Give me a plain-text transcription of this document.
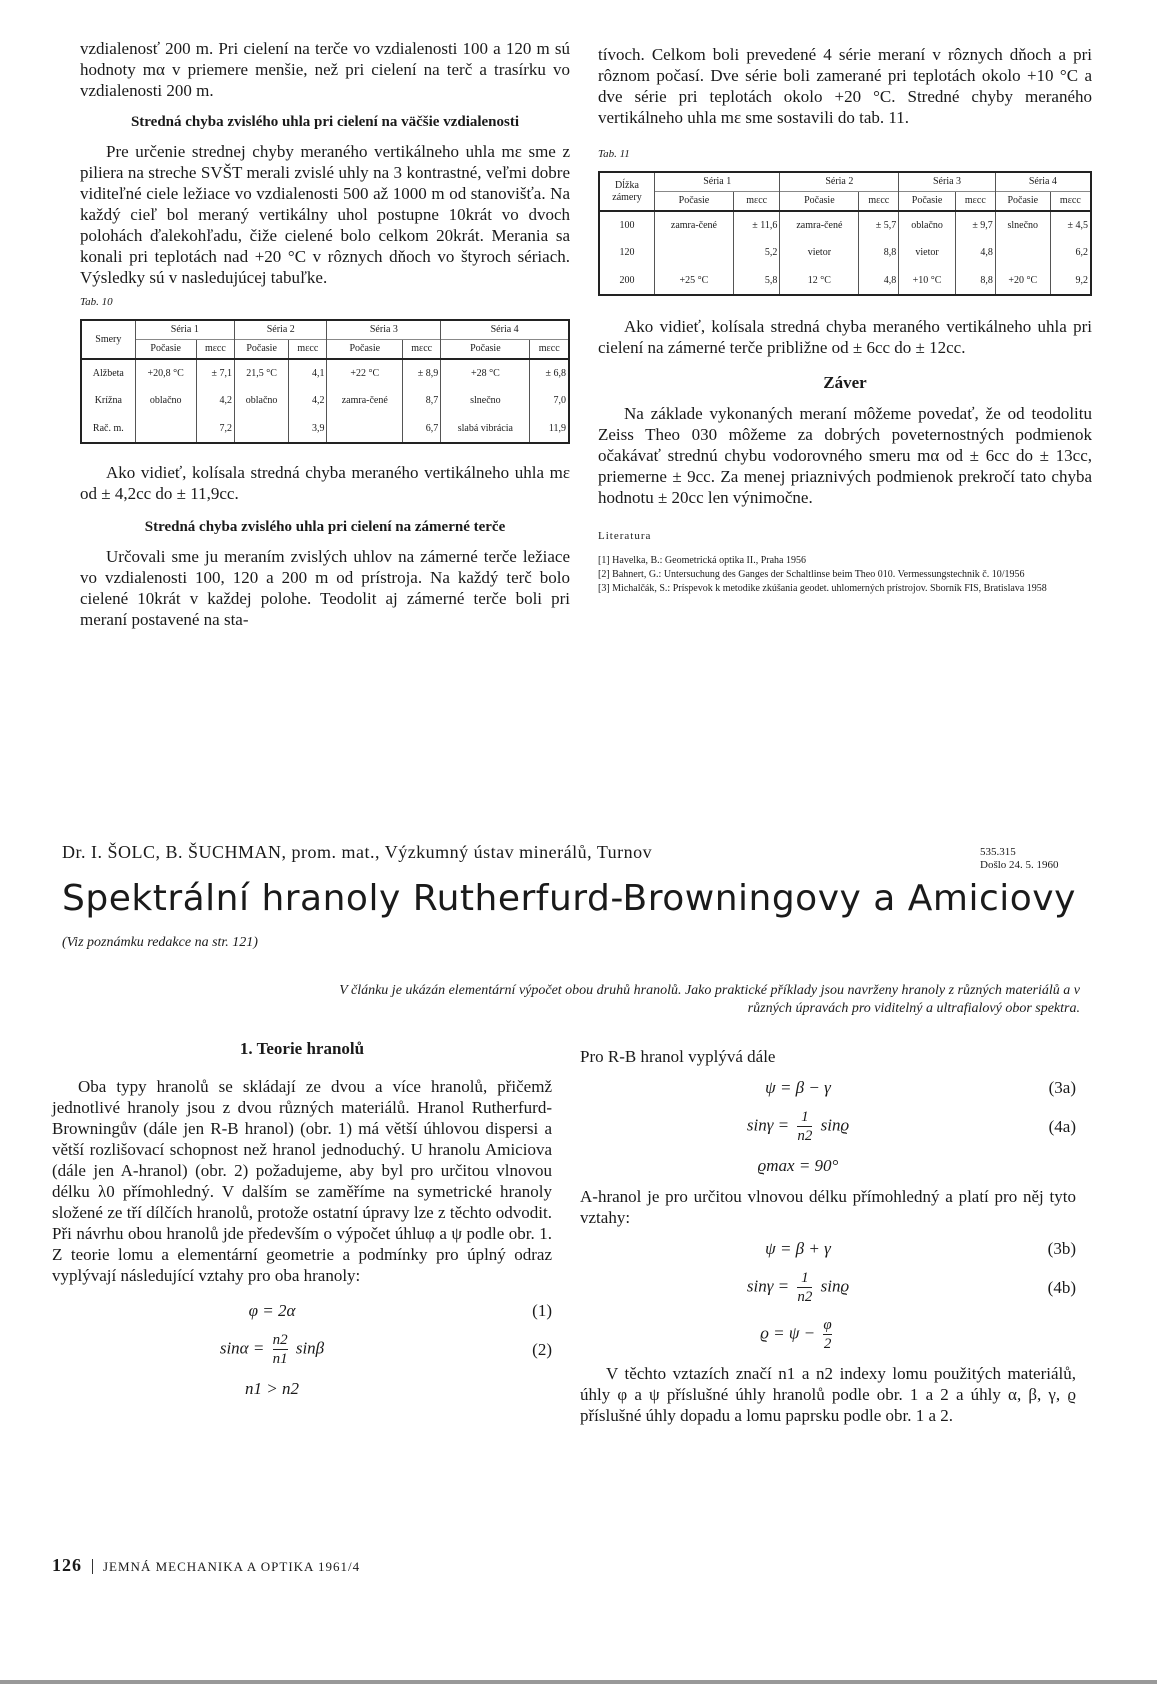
vzdialenosť 200 m. Pri cielení na terče vo vzdialenosti 100 a 120 m sú hodnoty mα v priemere menšie, než pri cielení na terč a trasírku vo vzdialenosti 200 m.

Stredná chyba zvislého uhla pri cielení na väčšie vzdialenosti

Pre určenie strednej chyby meraného vertikálneho uhla mε sme z piliera na streche SVŠT merali zvislé uhly na 3 kontrastné, veľmi dobre viditeľné ciele ležiace vo vzdialenosti 500 až 1000 m od stanovišťa. Na každý cieľ bol meraný vertikálny uhol postupne 10krát vo dvoch polohách ďalekohľadu, čiže cielené bolo celkom 20krát. Merania sa konali pri teplotách nad +20 °C v rôznych dňoch vo štyroch sériach. Výsledky sú v nasledujúcej tabuľke.

Tab. 10
Smery	Séria 1		Séria 2		Séria 3		Séria 4	
	Počasie	mεcc	Počasie	mεcc	Počasie	mεcc	Počasie	mεcc
Alžbeta	+20,8 °C	± 7,1	21,5 °C	4,1	+22 °C	± 8,9	+28 °C	± 6,8
Krížna	oblačno	4,2	oblačno	4,2	zamra-čené	8,7	slnečno	7,0
Rač. m.		7,2		3,9		6,7	slabá vibrácia	11,9

Ako vidieť, kolísala stredná chyba meraného vertikálneho uhla mε od ± 4,2cc do ± 11,9cc.

Stredná chyba zvislého uhla pri cielení na zámerné terče

Určovali sme ju meraním zvislých uhlov na zámerné terče ležiace vo vzdialenosti 100, 120 a 200 m od prístroja. Na každý terč bolo cielené 10krát v každej polohe. Teodolit aj zámerné terče boli pri meraní postavené na sta-

tívoch. Celkom boli prevedené 4 série meraní v rôznych dňoch a pri rôznom počasí. Dve série boli zamerané pri teplotách okolo +10 °C a dve série pri teplotách okolo +20 °C. Stredné chyby meraného vertikálneho uhla mε sme sostavili do tab. 11.

Tab. 11
Dĺžka zámery	Séria 1		Séria 2		Séria 3		Séria 4	
	Počasie	mεcc	Počasie	mεcc	Počasie	mεcc	Počasie	mεcc
100	zamra-čené	± 11,6	zamra-čené	± 5,7	oblačno	± 9,7	slnečno	± 4,5
120		5,2	vietor	8,8	vietor	4,8		6,2
200	+25 °C	5,8	12 °C	4,8	+10 °C	8,8	+20 °C	9,2

Ako vidieť, kolísala stredná chyba meraného vertikálneho uhla pri cielení na zámerné terče približne od ± 6cc do ± 12cc.

Záver

Na základe vykonaných meraní môžeme povedať, že od teodolitu Zeiss Theo 030 môžeme za dobrých poveternostných podmienok očakávať strednú chybu vodorovného smeru mα od ± 6cc do ± 13cc, priemerne ± 9cc. Za menej priaznivých podmienok prekročí tato chyba hodnotu ± 20cc len výnimočne.

Literatura
[1] Havelka, B.: Geometrická optika II., Praha 1956
[2] Bahnert, G.: Untersuchung des Ganges der Schaltlinse beim Theo 010. Vermessungstechnik č. 10/1956
[3] Michalčák, S.: Príspevok k metodike zkúšania geodet. uhlomerných prístrojov. Sborník FIS, Bratislava 1958
Dr. I. ŠOLC, B. ŠUCHMAN, prom. mat., Výzkumný ústav minerálů, Turnov	535.315
Došlo 24. 5. 1960
Spektrální hranoly Rutherfurd-Browningovy a Amiciovy
(Viz poznámku redakce na str. 121)
V článku je ukázán elementární výpočet obou druhů hranolů. Jako praktické příklady jsou navrženy hranoly z různých materiálů a v různých úpravách pro viditelný a ultrafialový obor spektra.
1. Teorie hranolů

Oba typy hranolů se skládají ze dvou a více hranolů, přičemž jednotlivé hranoly jsou z dvou různých materiálů. Hranol Rutherfurd-Browningův (dále jen R-B hranol) (obr. 1) má větší úhlovou dispersi a větší rozlišovací schopnost než hranol jednoduchý. U hranolu Amiciova (dále jen A-hranol) (obr. 2) požadujeme, aby byl pro určitou vlnovou délku λ0 přímohledný. V dalším se zaměříme na symetrické hranoly složené ze tří dílčích hranolů, protože ostatní úpravy lze z těchto odvodit. Při návrhu obou hranolů jde především o výpočet úhluφ a ψ podle obr. 1. Z teorie lomu a elementární geometrie a podmínky pro úplný odraz vyplývají následující vztahy pro oba hranoly:

φ = 2α	(1)
$\sin\alpha = \frac{n2}{n1}$ sinβ	(2)
n1 > n2

Pro R-B hranol vyplývá dále

ψ = β − γ	(3a)
$\sin\gamma = \frac{1}{n2}$ sinϱ	(4a)
ϱmax = 90°

A-hranol je pro určitou vlnovou délku přímohledný a platí pro něj tyto vztahy:

ψ = β + γ	(3b)
$\sin\gamma = \frac{1}{n2}$ sinϱ	(4b)
$ϱ = \psi - \frac{\varphi}{2}$

V těchto vztazích značí n1 a n2 indexy lomu použitých materiálů, úhly φ a ψ příslušné úhly hranolů podle obr. 1 a 2 a úhly α, β, γ, ϱ příslušné úhly dopadu a lomu paprsku podle obr. 1 a 2.

126 JEMNÁ MECHANIKA A OPTIKA 1961/4
